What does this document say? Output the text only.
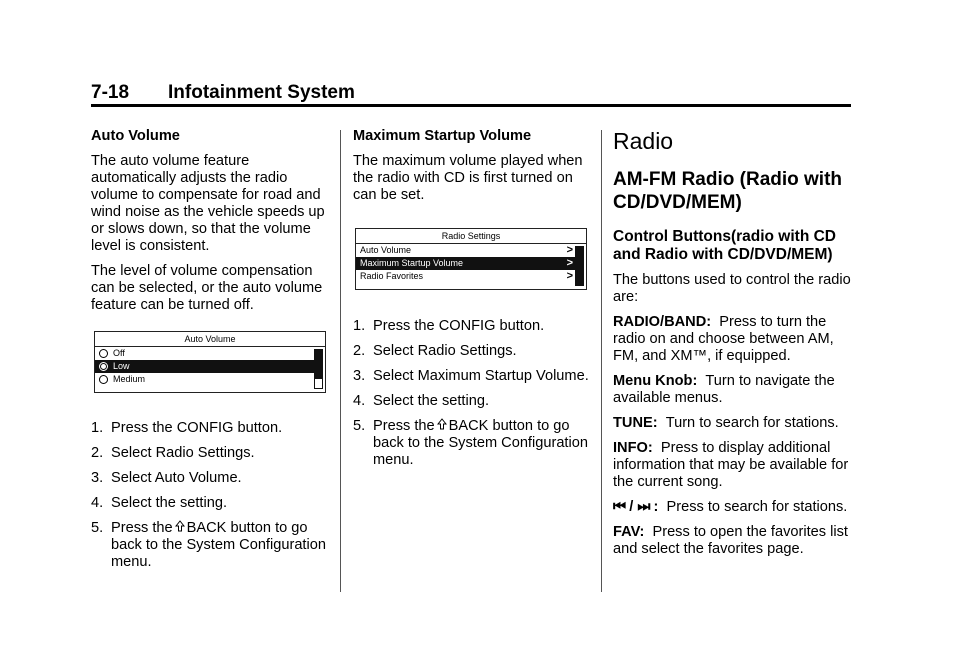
7-18 Infotainment System

Auto Volume

The auto volume feature automatically adjusts the radio volume to compensate for road and wind noise as the vehicle speeds up or slows down, so that the volume level is consistent.

The level of volume compensation can be selected, or the auto volume feature can be turned off.

Auto Volume
Off
Low
Medium
1. Press the CONFIG button.
2. Select Radio Settings.
3. Select Auto Volume.
4. Select the setting.
5. Press the BACK button to go back to the System Configuration menu.

Maximum Startup Volume

The maximum volume played when the radio with CD is first turned on can be set.

Radio Settings
Auto Volume	>
Maximum Startup Volume	>
Radio Favorites	>
1. Press the CONFIG button.
2. Select Radio Settings.
3. Select Maximum Startup Volume.
4. Select the setting.
5. Press the BACK button to go back to the System Configuration menu.
Radio
AM-FM Radio (Radio with CD/DVD/MEM)
Control Buttons(radio with CD and Radio with CD/DVD/MEM)

The buttons used to control the radio are:

RADIO/BAND: Press to turn the radio on and choose between AM, FM, and XM™, if equipped.

Menu Knob: Turn to navigate the available menus.

TUNE: Turn to search for stations.

INFO: Press to display additional information that may be available for the current song.

⏮ / ⏭ : Press to search for stations.

FAV: Press to open the favorites list and select the favorites page.
